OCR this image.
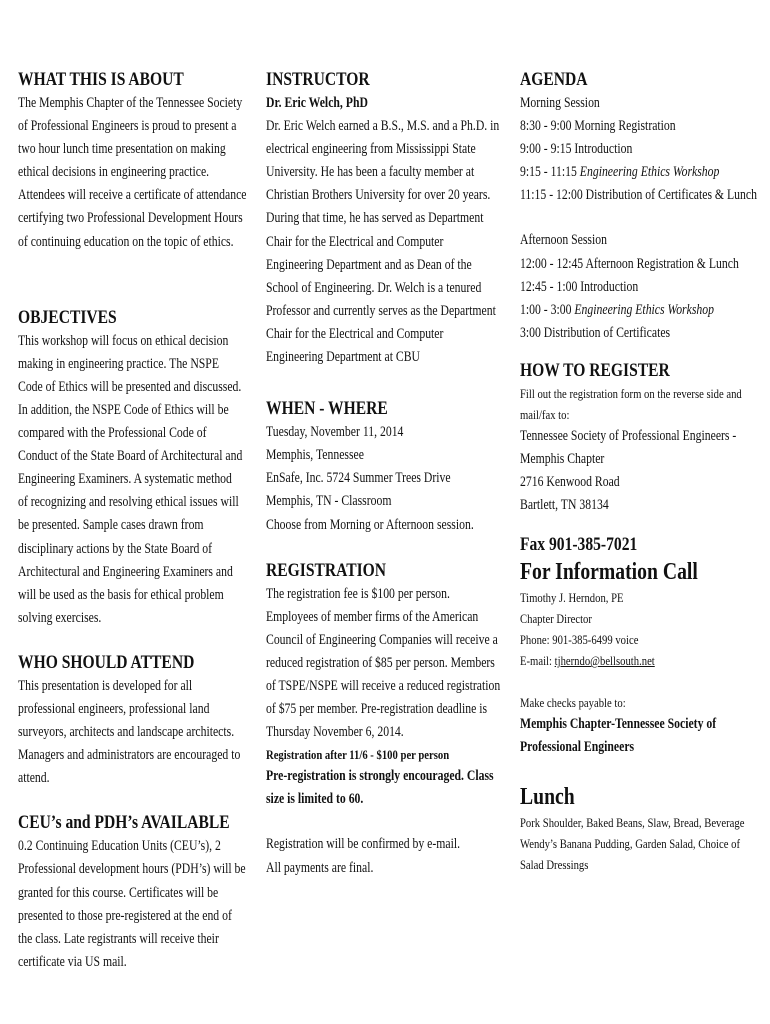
WHAT THIS IS ABOUT
The Memphis Chapter of the Tennessee Society
of Professional Engineers is proud to present a
two hour lunch time presentation on making
ethical decisions in engineering practice.
Attendees will receive a certificate of attendance
certifying two Professional Development Hours
of continuing education on the topic of ethics.
OBJECTIVES
This workshop will focus on ethical decision
making in engineering practice. The NSPE
Code of Ethics will be presented and discussed.
In addition, the NSPE Code of Ethics will be
compared with the Professional Code of
Conduct of the State Board of Architectural and
Engineering Examiners. A systematic method
of recognizing and resolving ethical issues will
be presented. Sample cases drawn from
disciplinary actions by the State Board of
Architectural and Engineering Examiners and
will be used as the basis for ethical problem
solving exercises.
WHO SHOULD ATTEND
This presentation is developed for all
professional engineers, professional land
surveyors, architects and landscape architects.
Managers and administrators are encouraged to
attend.
CEU’s and PDH’s AVAILABLE
0.2 Continuing Education Units (CEU’s), 2
Professional development hours (PDH’s) will be
granted for this course. Certificates will be
presented to those pre-registered at the end of
the class. Late registrants will receive their
certificate via US mail.
INSTRUCTOR
Dr. Eric Welch, PhD
Dr. Eric Welch earned a B.S., M.S. and a Ph.D. in
electrical engineering from Mississippi State
University. He has been a faculty member at
Christian Brothers University for over 20 years.
During that time, he has served as Department
Chair for the Electrical and Computer
Engineering Department and as Dean of the
School of Engineering. Dr. Welch is a tenured
Professor and currently serves as the Department
Chair for the Electrical and Computer
Engineering Department at CBU
WHEN - WHERE
Tuesday, November 11, 2014
Memphis, Tennessee
EnSafe, Inc. 5724 Summer Trees Drive
Memphis, TN - Classroom
Choose from Morning or Afternoon session.
REGISTRATION
The registration fee is $100 per person.
Employees of member firms of the American
Council of Engineering Companies will receive a
reduced registration of $85 per person. Members
of TSPE/NSPE will receive a reduced registration
of $75 per member. Pre-registration deadline is
Thursday November 6, 2014.
Registration after 11/6 - $100 per person
Pre-registration is strongly encouraged. Class
size is limited to 60.
Registration will be confirmed by e-mail.
All payments are final.
AGENDA
Morning Session
8:30 - 9:00 Morning Registration
9:00 - 9:15 Introduction
9:15 - 11:15 Engineering Ethics Workshop
11:15 - 12:00 Distribution of Certificates & Lunch
Afternoon Session
12:00 - 12:45 Afternoon Registration & Lunch
12:45 - 1:00 Introduction
1:00 - 3:00 Engineering Ethics Workshop
3:00 Distribution of Certificates
HOW TO REGISTER
Fill out the registration form on the reverse side and
mail/fax to:
Tennessee Society of Professional Engineers -
Memphis Chapter
2716 Kenwood Road
Bartlett, TN 38134
Fax 901-385-7021
For Information Call
Timothy J. Herndon, PE
Chapter Director
Phone: 901-385-6499 voice
E-mail: tjherndo@bellsouth.net
Make checks payable to:
Memphis Chapter-Tennessee Society of
Professional Engineers
Lunch
Pork Shoulder, Baked Beans, Slaw, Bread, Beverage
Wendy’s Banana Pudding, Garden Salad, Choice of
Salad Dressings
